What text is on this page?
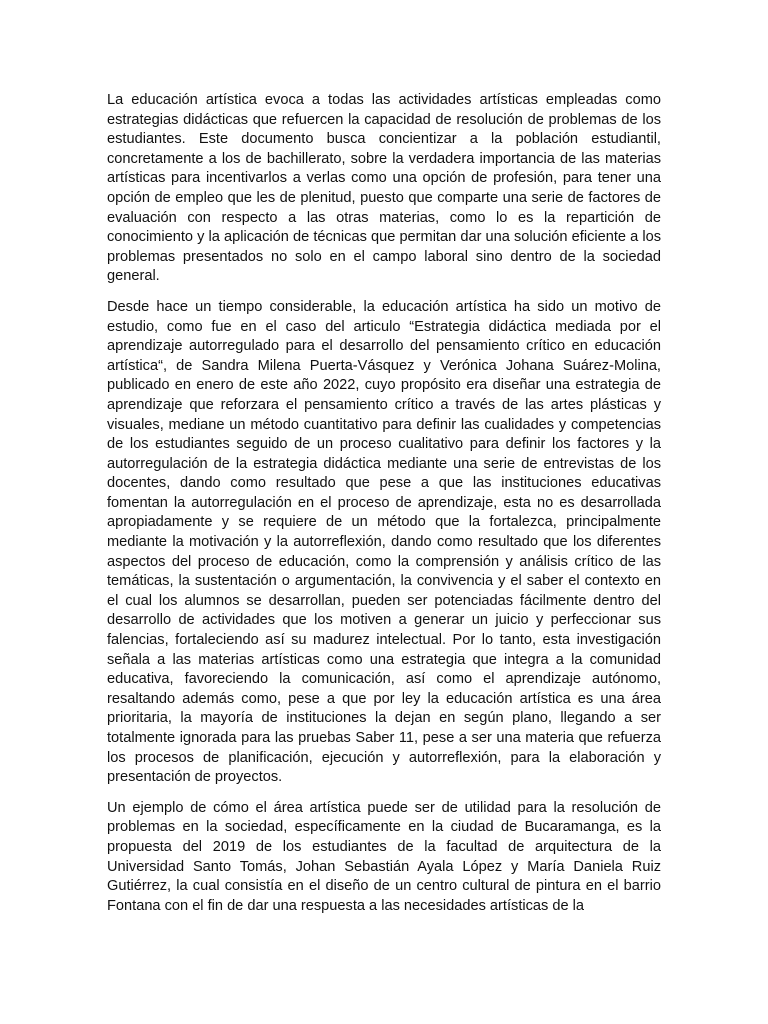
La educación artística evoca a todas las actividades artísticas empleadas como estrategias didácticas que refuercen la capacidad de resolución de problemas de los estudiantes. Este documento busca concientizar a la población estudiantil, concretamente a los de bachillerato, sobre la verdadera importancia de las materias artísticas para incentivarlos a verlas como una opción de profesión, para tener una opción de empleo que les de plenitud, puesto que comparte una serie de factores de evaluación con respecto a las otras materias, como lo es la repartición de conocimiento y la aplicación de técnicas que permitan dar una solución eficiente a los problemas presentados no solo en el campo laboral sino dentro de la sociedad general.

Desde hace un tiempo considerable, la educación artística ha sido un motivo de estudio, como fue en el caso del articulo “Estrategia didáctica mediada por el aprendizaje autorregulado para el desarrollo del pensamiento crítico en educación artística“, de Sandra Milena Puerta-Vásquez y Verónica Johana Suárez-Molina, publicado en enero de este año 2022, cuyo propósito era diseñar una estrategia de aprendizaje que reforzara el pensamiento crítico a través de las artes plásticas y visuales, mediane un método cuantitativo para definir las cualidades y competencias de los estudiantes seguido de un proceso cualitativo para definir los factores y la autorregulación de la estrategia didáctica mediante una serie de entrevistas de los docentes, dando como resultado que pese a que las instituciones educativas fomentan la autorregulación en el proceso de aprendizaje, esta no es desarrollada apropiadamente y se requiere de un método que la fortalezca, principalmente mediante la motivación y la autorreflexión, dando como resultado que los diferentes aspectos del proceso de educación, como la comprensión y análisis crítico de las temáticas, la sustentación o argumentación, la convivencia y el saber el contexto en el cual los alumnos se desarrollan, pueden ser potenciadas fácilmente dentro del desarrollo de actividades que los motiven a generar un juicio y perfeccionar sus falencias, fortaleciendo así su madurez intelectual. Por lo tanto, esta investigación señala a las materias artísticas como una estrategia que integra a la comunidad educativa, favoreciendo la comunicación, así como el aprendizaje autónomo, resaltando además como, pese a que por ley la educación artística es una área prioritaria, la mayoría de instituciones la dejan en según plano, llegando a ser totalmente ignorada para las pruebas Saber 11, pese a ser una materia que refuerza los procesos de planificación, ejecución y autorreflexión, para la elaboración y presentación de proyectos.

Un ejemplo de cómo el área artística puede ser de utilidad para la resolución de problemas en la sociedad, específicamente en la ciudad de Bucaramanga, es la propuesta del 2019 de los estudiantes de la facultad de arquitectura de la Universidad Santo Tomás, Johan Sebastián Ayala López y María Daniela Ruiz Gutiérrez, la cual consistía en el diseño de un centro cultural de pintura en el barrio Fontana con el fin de dar una respuesta a las necesidades artísticas de la
